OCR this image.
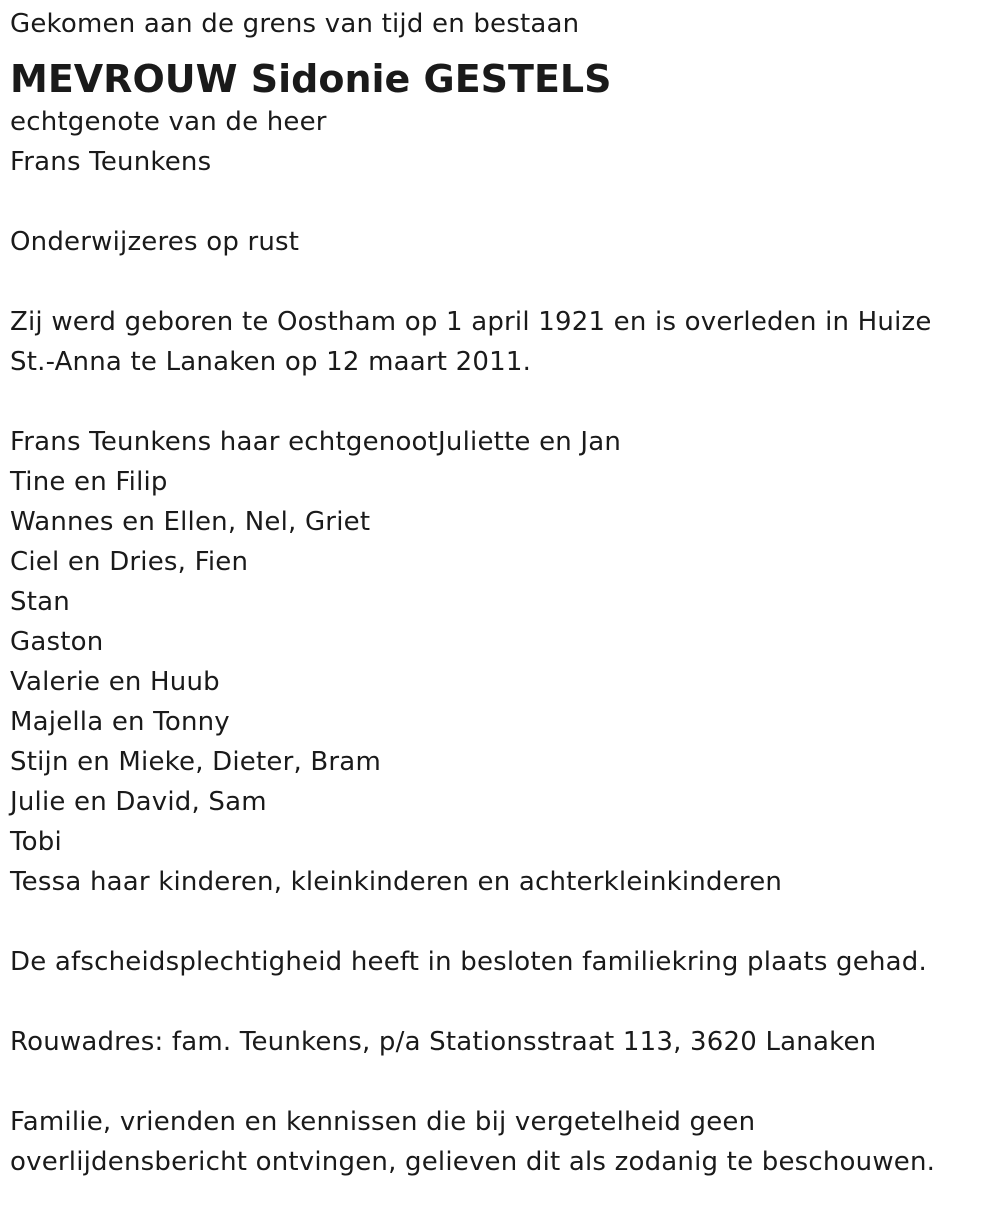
Gekomen aan de grens van tijd en bestaan
MEVROUW Sidonie GESTELS
echtgenote van de heer
Frans Teunkens
Onderwijzeres op rust
Zij werd geboren te Oostham op 1 april 1921 en is overleden in Huize
St.-Anna te Lanaken op 12 maart 2011.
Frans Teunkens haar echtgenootJuliette en Jan
Tine en Filip
Wannes en Ellen, Nel, Griet
Ciel en Dries, Fien
Stan
Gaston
Valerie en Huub
Majella en Tonny
Stijn en Mieke, Dieter, Bram
Julie en David, Sam
Tobi
Tessa haar kinderen, kleinkinderen en achterkleinkinderen
De afscheidsplechtigheid heeft in besloten familiekring plaats gehad.
Rouwadres: fam. Teunkens, p/a Stationsstraat 113, 3620 Lanaken
Familie, vrienden en kennissen die bij vergetelheid geen
overlijdensbericht ontvingen, gelieven dit als zodanig te beschouwen.
